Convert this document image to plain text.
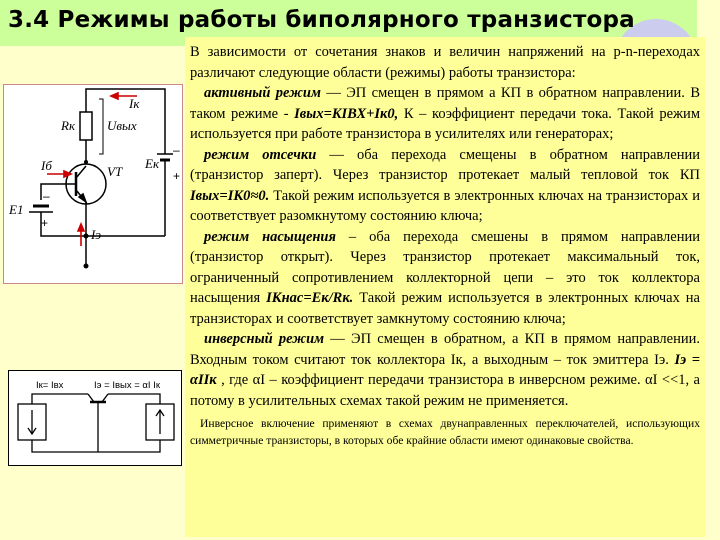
3.4 Режимы работы биполярного транзистора

В зависимости от сочетания знаков и величин напряжений на p-n-переходах различают следующие области (режимы) работы транзистора:

активный режим — ЭП смещен в прямом а КП в обратном направлении. В таком режиме - Iвых=KIВХ+Iк0, К – коэффициент передачи тока. Такой режим используется при работе транзистора в усилителях или генераторах;

режим отсечки — оба перехода смещены в обратном направлении (транзистор заперт). Через транзистор протекает малый тепловой ток КП Iвых=IК0≈0. Такой режим используется в электронных ключах на транзисторах и соответствует разомкнутому состоянию ключа;

режим насыщения – оба перехода смешены в прямом направлении (транзистор открыт). Через транзистор протекает максимальный ток, ограниченный сопротивлением коллекторной цепи – это ток коллектора насыщения IКнас=Eк/Rк. Такой режим используется в электронных ключах на транзисторах и соответствует замкнутому состоянию ключа;

инверсный режим — ЭП смещен в обратном, а КП в прямом направлении. Входным током считают ток коллектора Iк, а выходным – ток эмиттера Iэ. Iэ = αIIк , где αI – коэффициент передачи транзистора в инверсном режиме. αI <<1, а потому в усилительных схемах такой режим не применяется.

Инверсное включение применяют в схемах двунаправленных переключателей, использующих симметричные транзисторы, в которых обе крайние области имеют одинаковые свойства.

Iк
Rк Uвых
Eк
Iб	VT
E1
Iэ
+
+
–
–
Iк= Iвх	Iэ = Iвых = αI Iк
